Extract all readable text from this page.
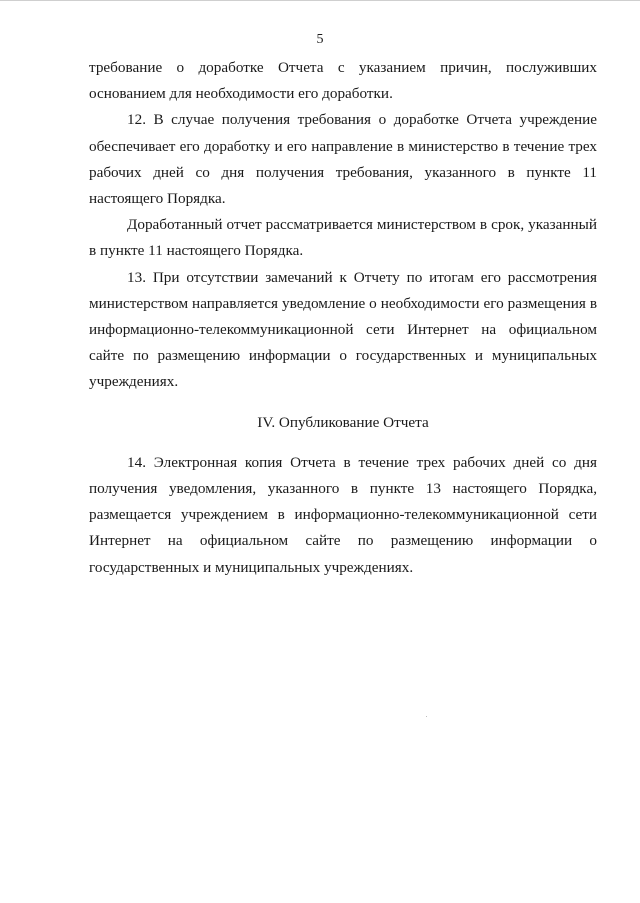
5

требование о доработке Отчета с указанием причин, послуживших основанием для необходимости его доработки.

12. В случае получения требования о доработке Отчета учреждение обеспечивает его доработку и его направление в министерство в течение трех рабочих дней со дня получения требования, указанного в пункте 11 настоящего Порядка.

Доработанный отчет рассматривается министерством в срок, указанный в пункте 11 настоящего Порядка.

13. При отсутствии замечаний к Отчету по итогам его рассмотрения министерством направляется уведомление о необходимости его размещения в информационно-телекоммуникационной сети Интернет на официальном сайте по размещению информации о государственных и муниципальных учреждениях.

IV. Опубликование Отчета

14. Электронная копия Отчета в течение трех рабочих дней со дня получения уведомления, указанного в пункте 13 настоящего Порядка, размещается учреждением в информационно-телекоммуникационной сети Интернет на официальном сайте по размещению информации о государственных и муниципальных учреждениях.
